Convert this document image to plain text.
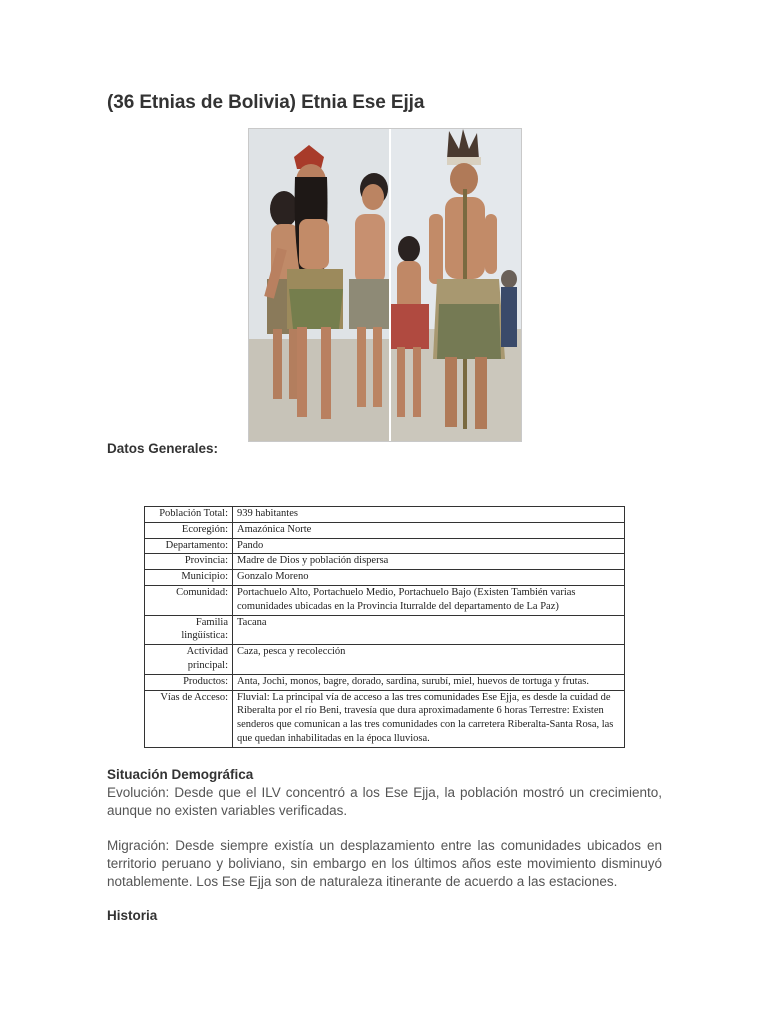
(36 Etnias de Bolivia) Etnia Ese Ejja
Datos Generales:
Población Total:	939 habitantes
Ecoregión:	Amazónica Norte
Departamento:	Pando
Provincia:	Madre de Dios y población dispersa
Municipio:	Gonzalo Moreno
Comunidad:	Portachuelo Alto, Portachuelo Medio, Portachuelo Bajo (Existen También varias comunidades ubicadas en la Provincia Iturralde del departamento de La Paz)
Familia lingüística:	Tacana
Actividad principal:	Caza, pesca y recolección
Productos:	Anta, Jochi, monos, bagre, dorado, sardina, surubí, miel, huevos de tortuga y frutas.
Vías de Acceso:	Fluvial: La principal vía de acceso a las tres comunidades Ese Ejja, es desde la cuidad de Riberalta por el río Beni, travesía que dura aproximadamente 6 horas Terrestre: Existen senderos que comunican a las tres comunidades con la carretera Riberalta-Santa Rosa, las que quedan inhabilitadas en la época lluviosa.
Situación Demográfica
Evolución: Desde que el ILV concentró a los Ese Ejja, la población mostró un crecimiento, aunque no existen variables verificadas.
Migración: Desde siempre existía un desplazamiento entre las comunidades ubicados en territorio peruano y boliviano, sin embargo en los últimos años este movimiento disminuyó notablemente. Los Ese Ejja son de naturaleza itinerante de acuerdo a las estaciones.
Historia
